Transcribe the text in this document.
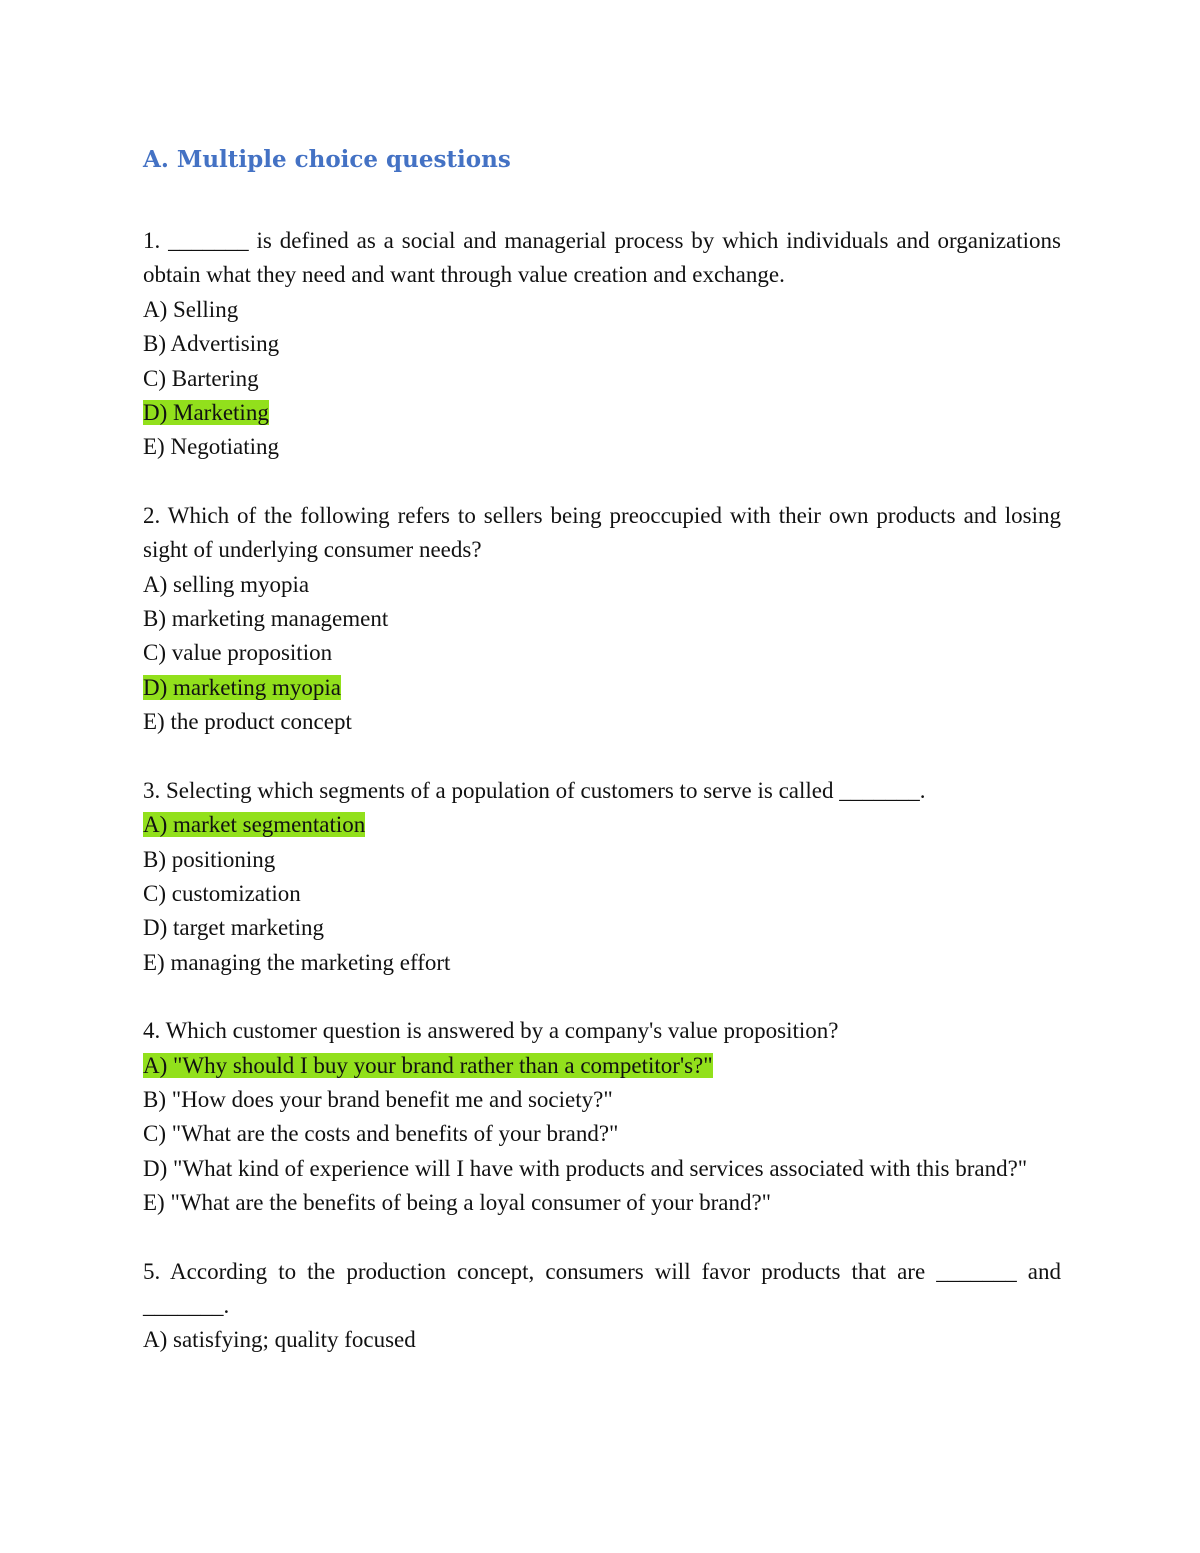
A. Multiple choice questions

1. _______ is defined as a social and managerial process by which individuals and organizations obtain what they need and want through value creation and exchange.

A) Selling

B) Advertising

C) Bartering

D) Marketing

E) Negotiating

2. Which of the following refers to sellers being preoccupied with their own products and losing sight of underlying consumer needs?

A) selling myopia

B) marketing management

C) value proposition

D) marketing myopia

E) the product concept

3. Selecting which segments of a population of customers to serve is called _______.

A) market segmentation

B) positioning

C) customization

D) target marketing

E) managing the marketing effort

4. Which customer question is answered by a company's value proposition?

A) "Why should I buy your brand rather than a competitor's?"

B) "How does your brand benefit me and society?"

C) "What are the costs and benefits of your brand?"

D) "What kind of experience will I have with products and services associated with this brand?"

E) "What are the benefits of being a loyal consumer of your brand?"

5. According to the production concept, consumers will favor products that are _______ and _______.

A) satisfying; quality focused
